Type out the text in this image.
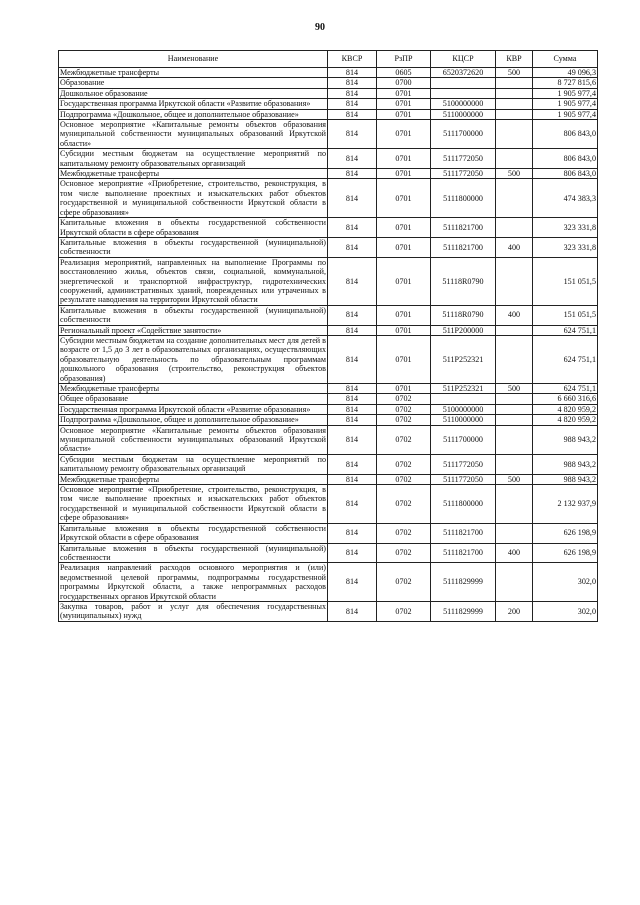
90
Наименование	КВСР	РзПР	КЦСР	КВР	Сумма
Межбюджетные трансферты	814	0605	6520372620	500	49 096,3
Образование	814	0700			8 727 815,6
Дошкольное образование	814	0701			1 905 977,4
Государственная программа Иркутской области «Развитие образования»	814	0701	5100000000		1 905 977,4
Подпрограмма «Дошкольное, общее и дополнительное образование»	814	0701	5110000000		1 905 977,4
Основное мероприятие «Капитальные ремонты объектов образования муниципальной собственности муниципальных образований Иркутской области»	814	0701	5111700000		806 843,0
Субсидии местным бюджетам на осуществление мероприятий по капитальному ремонту образовательных организаций	814	0701	5111772050		806 843,0
Межбюджетные трансферты	814	0701	5111772050	500	806 843,0
Основное мероприятие «Приобретение, строительство, реконструкция, в том числе выполнение проектных и изыскательских работ объектов государственной и муниципальной собственности Иркутской области в сфере образования»	814	0701	5111800000		474 383,3
Капитальные вложения в объекты государственной собственности Иркутской области в сфере образования	814	0701	5111821700		323 331,8
Капитальные вложения в объекты государственной (муниципальной) собственности	814	0701	5111821700	400	323 331,8
Реализация мероприятий, направленных на выполнение Программы по восстановлению жилья, объектов связи, социальной, коммунальной, энергетической и транспортной инфраструктур, гидротехнических сооружений, административных зданий, поврежденных или утраченных в результате наводнения на территории Иркутской области	814	0701	51118R0790		151 051,5
Капитальные вложения в объекты государственной (муниципальной) собственности	814	0701	51118R0790	400	151 051,5
Региональный проект «Содействие занятости»	814	0701	511P200000		624 751,1
Субсидии местным бюджетам на создание дополнительных мест для детей в возрасте от 1,5 до 3 лет в образовательных организациях, осуществляющих образовательную деятельность по образовательным программам дошкольного образования (строительство, реконструкция объектов образования)	814	0701	511P252321		624 751,1
Межбюджетные трансферты	814	0701	511P252321	500	624 751,1
Общее образование	814	0702			6 660 316,6
Государственная программа Иркутской области «Развитие образования»	814	0702	5100000000		4 820 959,2
Подпрограмма «Дошкольное, общее и дополнительное образование»	814	0702	5110000000		4 820 959,2
Основное мероприятие «Капитальные ремонты объектов образования муниципальной собственности муниципальных образований Иркутской области»	814	0702	5111700000		988 943,2
Субсидии местным бюджетам на осуществление мероприятий по капитальному ремонту образовательных организаций	814	0702	5111772050		988 943,2
Межбюджетные трансферты	814	0702	5111772050	500	988 943,2
Основное мероприятие «Приобретение, строительство, реконструкция, в том числе выполнение проектных и изыскательских работ объектов государственной и муниципальной собственности Иркутской области в сфере образования»	814	0702	5111800000		2 132 937,9
Капитальные вложения в объекты государственной собственности Иркутской области в сфере образования	814	0702	5111821700		626 198,9
Капитальные вложения в объекты государственной (муниципальной) собственности	814	0702	5111821700	400	626 198,9
Реализация направлений расходов основного мероприятия и (или) ведомственной целевой программы, подпрограммы государственной программы Иркутской области, а также непрограммных расходов государственных органов Иркутской области	814	0702	5111829999		302,0
Закупка товаров, работ и услуг для обеспечения государственных (муниципальных) нужд	814	0702	5111829999	200	302,0
